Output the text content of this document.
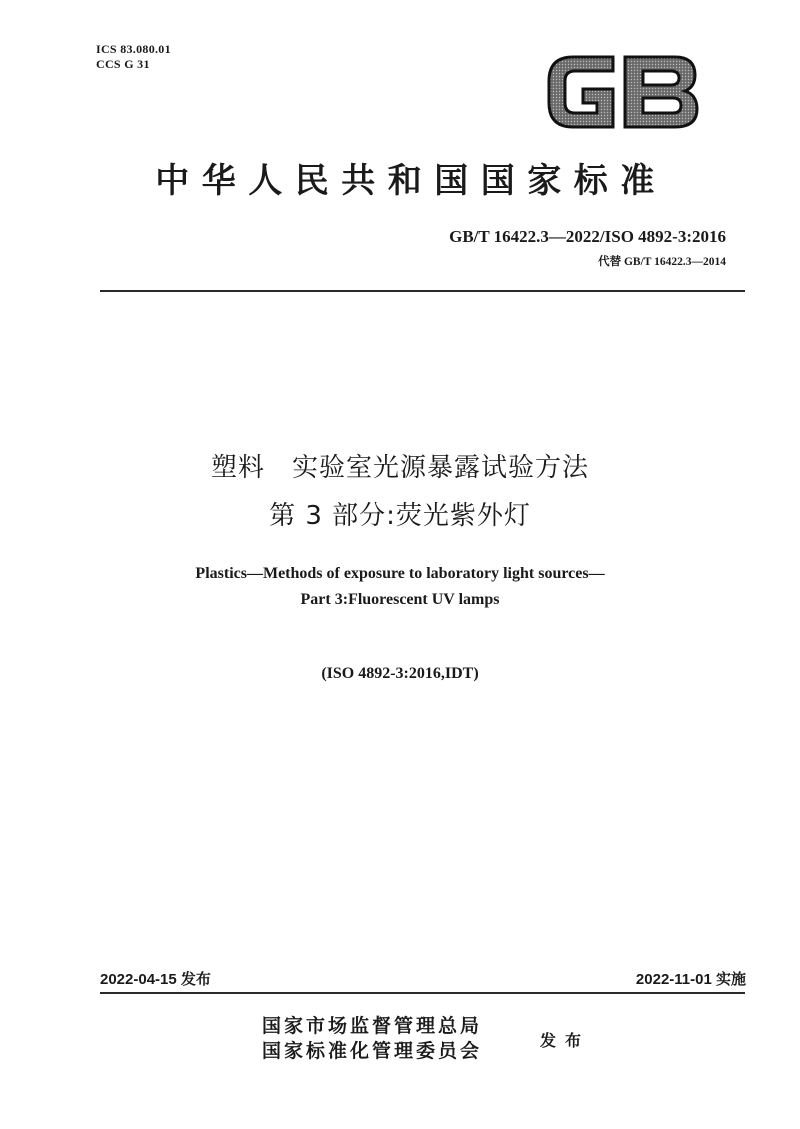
ICS 83.080.01
CCS G 31
GB
中华人民共和国国家标准
GB/T 16422.3—2022/ISO 4892-3:2016
代替 GB/T 16422.3—2014
塑料　实验室光源暴露试验方法
第 3 部分:荧光紫外灯
Plastics—Methods of exposure to laboratory light sources—
Part 3:Fluorescent UV lamps
(ISO 4892-3:2016,IDT)
2022-04-15 发布	2022-11-01 实施
国家市场监督管理总局
国家标准化管理委员会	发布
